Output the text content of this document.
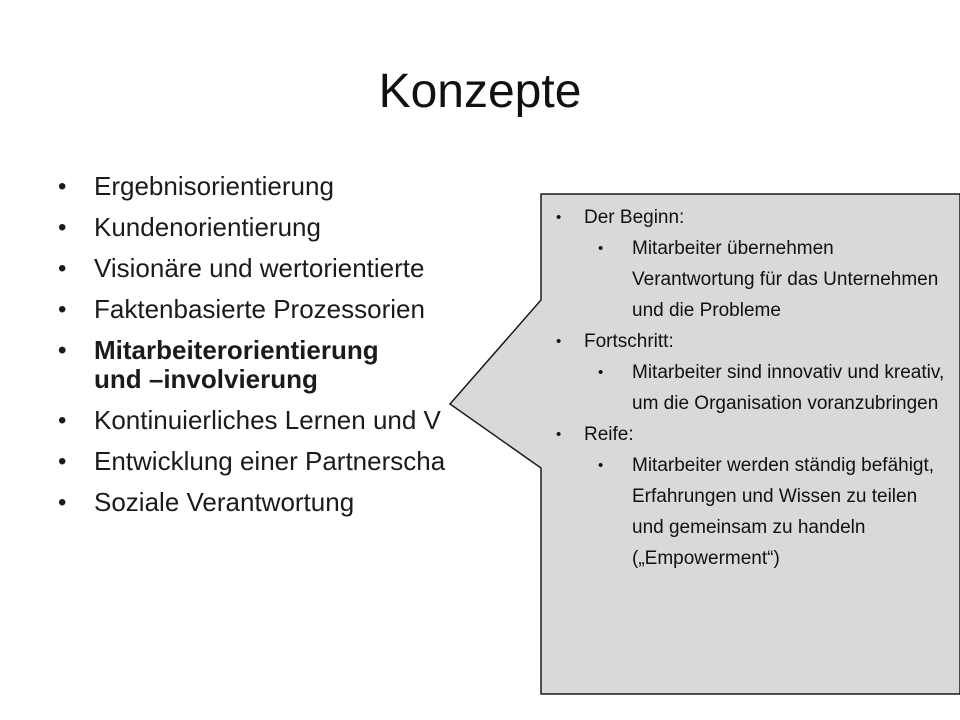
Konzepte
• Ergebnisorientierung
• Kundenorientierung
• Visionäre und wertorientierte
• Faktenbasierte Prozessorien
• Mitarbeiterorientierung
und –involvierung
• Kontinuierliches Lernen und V
• Entwicklung einer Partnerscha
• Soziale Verantwortung
• Der Beginn:
• Mitarbeiter übernehmen Verantwortung für das Unternehmen und die Probleme
• Fortschritt:
• Mitarbeiter sind innovativ und kreativ, um die Organisation voranzubringen
• Reife:
• Mitarbeiter werden ständig befähigt, Erfahrungen und Wissen zu teilen und gemeinsam zu handeln („Empowerment“)
